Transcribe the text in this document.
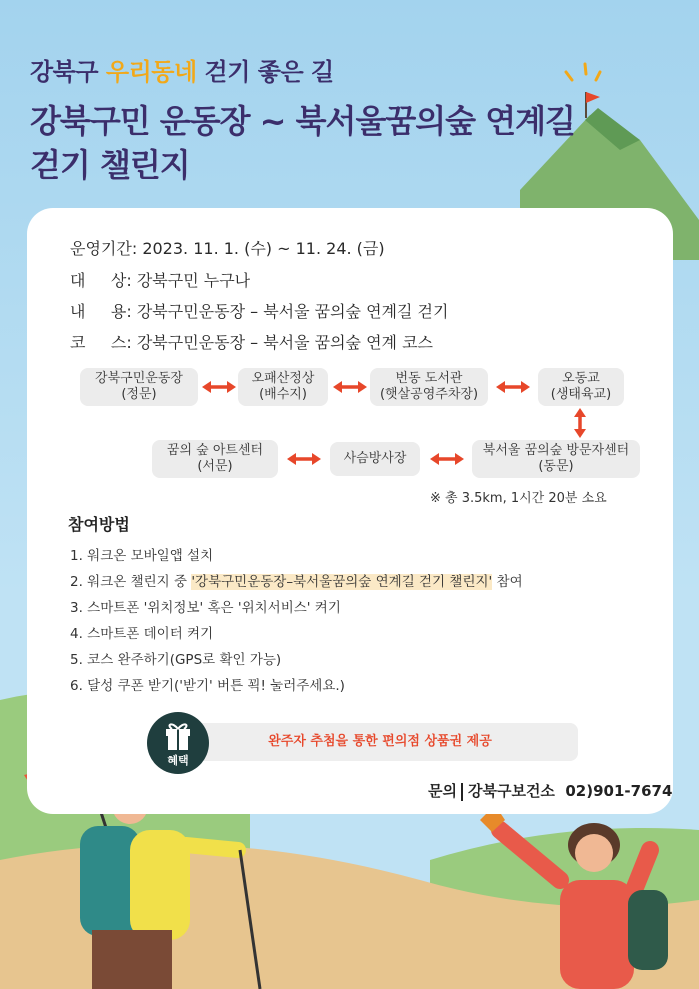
강북구 우리동네 걷기 좋은 길
강북구민 운동장 ~ 북서울꿈의숲 연계길
걷기 챌린지
운영기간: 2023. 11. 1. (수) ~ 11. 24. (금)
대     상: 강북구민 누구나
내     용: 강북구민운동장 – 북서울 꿈의숲 연계길 걷기
코     스: 강북구민운동장 – 북서울 꿈의숲 연계 코스
강북구민운동장
(정문)
오패산정상
(배수지)
번동 도서관
(햇살공영주차장)
오동교
(생태육교)
북서울 꿈의숲 방문자센터
(동문)
사슴방사장
꿈의 숲 아트센터
(서문)
※ 총 3.5km, 1시간 20분 소요
참여방법
1. 워크온 모바일앱 설치
2. 워크온 챌린지 중 '강북구민운동장–북서울꿈의숲 연계길 걷기 챌린지' 참여
3. 스마트폰 '위치정보' 혹은 '위치서비스' 켜기
4. 스마트폰 데이터 켜기
5. 코스 완주하기(GPS로 확인 가능)
6. 달성 쿠폰 받기('받기' 버튼 꾁! 눌러주세요.)
완주자 추첨을 통한 편의점 상품권 제공
혜택
문의 강북구보건소  02)901-7674
